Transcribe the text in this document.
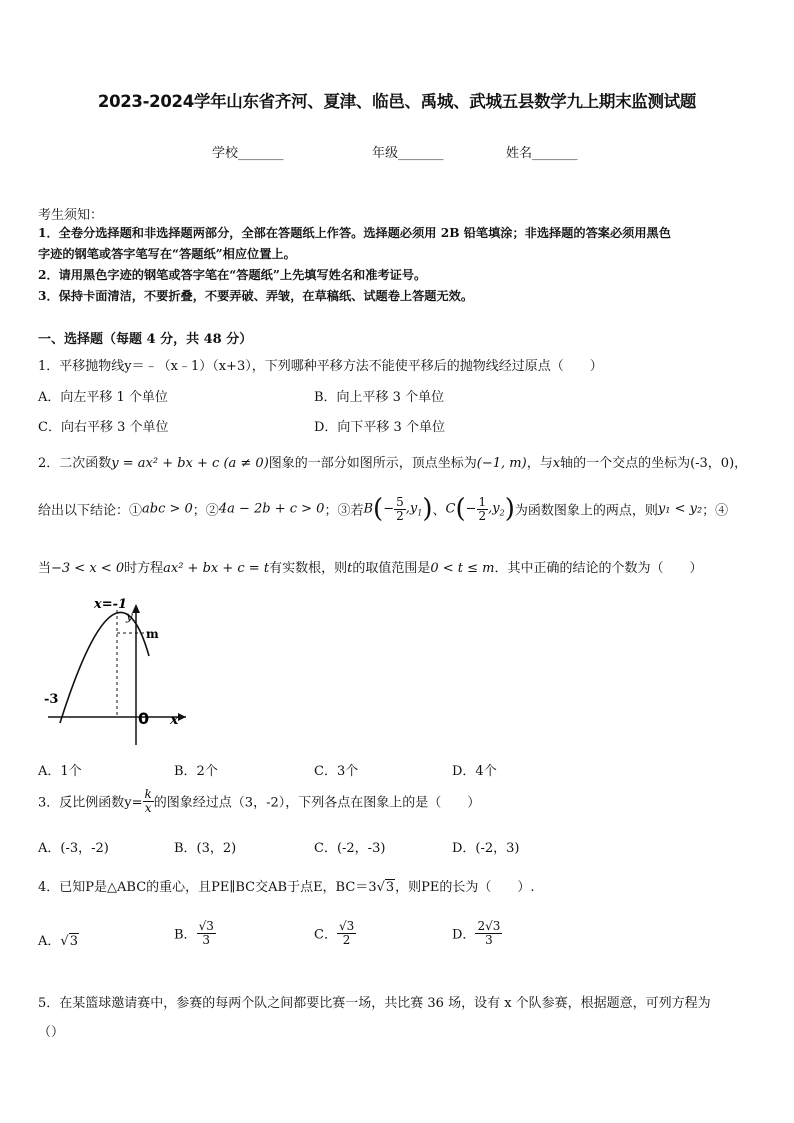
2023-2024学年山东省齐河、夏津、临邑、禹城、武城五县数学九上期末监测试题
学校_______	年级_______	姓名_______
考生须知：
1．全卷分选择题和非选择题两部分，全部在答题纸上作答。选择题必须用 2B 铅笔填涂；非选择题的答案必须用黑色
字迹的钢笔或答字笔写在“答题纸”相应位置上。
2．请用黑色字迹的钢笔或答字笔在“答题纸”上先填写姓名和准考证号。
3．保持卡面清洁，不要折叠，不要弄破、弄皱，在草稿纸、试题卷上答题无效。
一、选择题（每题 4 分，共 48 分）
1．平移抛物线y＝﹣（x﹣1）（x+3），下列哪种平移方法不能使平移后的抛物线经过原点（　　）
A．向左平移 1 个单位	B．向上平移 3 个单位
C．向右平移 3 个单位	D．向下平移 3 个单位
2．二次函数y = ax² + bx + c (a ≠ 0)图象的一部分如图所示，顶点坐标为(−1, m)，与x轴的一个交点的坐标为(-3，0)，
给出以下结论：①abc > 0；②4a − 2b + c > 0；③若$B(- \frac{5}{2} ,y_1)$、$C(- \frac{1}{2} ,y_2)$为函数图象上的两点，则y₁ < y₂；④
当−3 < x < 0时方程ax² + bx + c = t有实数根，则t的取值范围是0 < t ≤ m．其中正确的结论的个数为（　　）
x=-1
y
m
-3
0 x
A．1个	B．2个	C．3个	D．4个
3．反比例函数$y= \frac{k}{x}$ 的图象经过点（3，-2），下列各点在图象上的是（　　）
A．(-3，-2)	B．(3，2)	C．(-2，-3)	D．(-2，3)
4．已知P是△ABC的重心，且PE∥BC交AB于点E，BC＝3√3，则PE的长为（　　）.
A．√3	B． $\frac{√3}{3}$	C． $\frac{√3}{2}$	D． $\frac{2√3}{3}$
5．在某篮球邀请赛中，参赛的每两个队之间都要比赛一场，共比赛 36 场，设有 x 个队参赛，根据题意，可列方程为
（）
